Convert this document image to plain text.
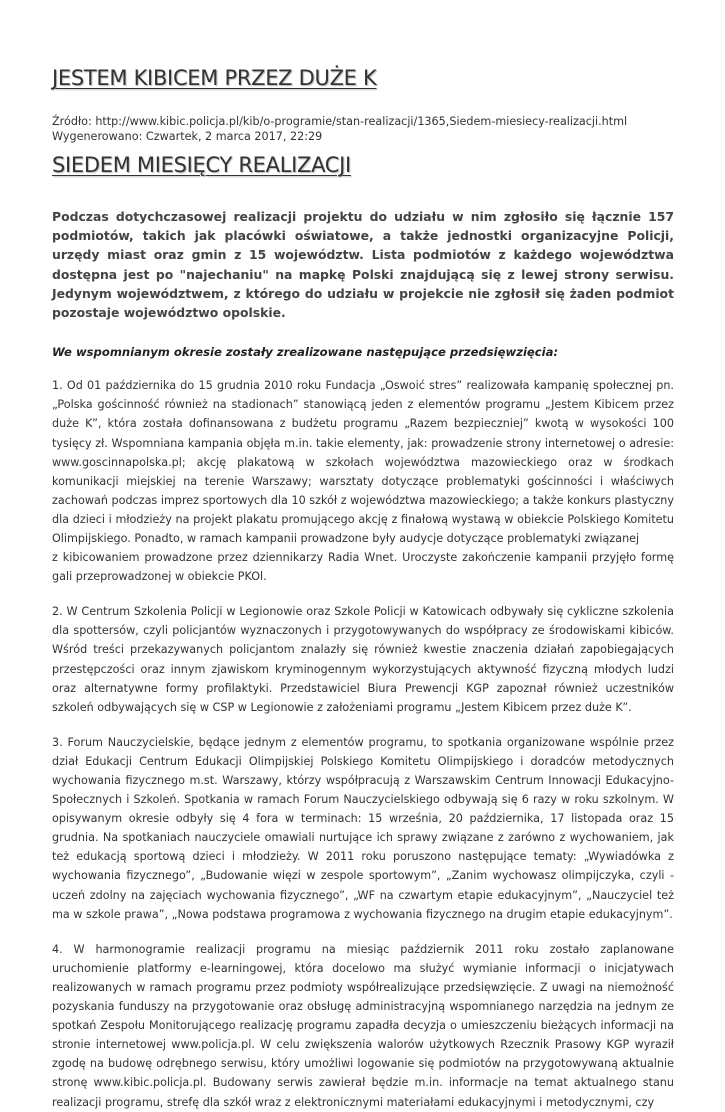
JESTEM KIBICEM PRZEZ DUŻE K
Źródło: http://www.kibic.policja.pl/kib/o-programie/stan-realizacji/1365,Siedem-miesiecy-realizacji.html
Wygenerowano: Czwartek, 2 marca 2017, 22:29
SIEDEM MIESIĘCY REALIZACJI

Podczas dotychczasowej realizacji projektu do udziału w nim zgłosiło się łącznie 157 podmiotów, takich jak placówki oświatowe, a także jednostki organizacyjne Policji, urzędy miast oraz gmin z 15 województw. Lista podmiotów z każdego województwa dostępna jest po "najechaniu" na mapkę Polski znajdującą się z lewej strony serwisu. Jedynym województwem, z którego do udziału w projekcie nie zgłosił się żaden podmiot pozostaje województwo opolskie.

We wspomnianym okresie zostały zrealizowane następujące przedsięwzięcia:

1. Od 01 października do 15 grudnia 2010 roku Fundacja „Oswoić stres” realizowała kampanię społecznej pn. „Polska gościnność również na stadionach” stanowiącą jeden z elementów programu „Jestem Kibicem przez duże K”, która została dofinansowana z budżetu programu „Razem bezpieczniej” kwotą w wysokości 100 tysięcy zł. Wspomniana kampania objęła m.in. takie elementy, jak: prowadzenie strony internetowej o adresie: www.goscinnapolska.pl; akcję plakatową w szkołach województwa mazowieckiego oraz w środkach komunikacji miejskiej na terenie Warszawy; warsztaty dotyczące problematyki gościnności i właściwych zachowań podczas imprez sportowych dla 10 szkół z województwa mazowieckiego; a także konkurs plastyczny dla dzieci i młodzieży na projekt plakatu promującego akcję z finałową wystawą w obiekcie Polskiego Komitetu Olimpijskiego. Ponadto, w ramach kampanii prowadzone były audycje dotyczące problematyki związanej
z kibicowaniem prowadzone przez dziennikarzy Radia Wnet. Uroczyste zakończenie kampanii przyjęło formę gali przeprowadzonej w obiekcie PKOl.

2. W Centrum Szkolenia Policji w Legionowie oraz Szkole Policji w Katowicach odbywały się cykliczne szkolenia dla spottersów, czyli policjantów wyznaczonych i przygotowywanych do współpracy ze środowiskami kibiców. Wśród treści przekazywanych policjantom znalazły się również kwestie znaczenia działań zapobiegających przestępczości oraz innym zjawiskom kryminogennym wykorzystujących aktywność fizyczną młodych ludzi oraz alternatywne formy profilaktyki. Przedstawiciel Biura Prewencji KGP zapoznał również uczestników szkoleń odbywających się w CSP w Legionowie z założeniami programu „Jestem Kibicem przez duże K”.

3. Forum Nauczycielskie, będące jednym z elementów programu, to spotkania organizowane wspólnie przez dział Edukacji Centrum Edukacji Olimpijskiej Polskiego Komitetu Olimpijskiego i doradców metodycznych wychowania fizycznego m.st. Warszawy, którzy współpracują z Warszawskim Centrum Innowacji Edukacyjno-Społecznych i Szkoleń. Spotkania w ramach Forum Nauczycielskiego odbywają się 6 razy w roku szkolnym. W opisywanym okresie odbyły się 4 fora w terminach: 15 września, 20 października, 17 listopada oraz 15 grudnia. Na spotkaniach nauczyciele omawiali nurtujące ich sprawy związane z zarówno z wychowaniem, jak też edukacją sportową dzieci i młodzieży. W 2011 roku poruszono następujące tematy: „Wywiadówka z wychowania fizycznego”, „Budowanie więzi w zespole sportowym”, „Zanim wychowasz olimpijczyka, czyli - uczeń zdolny na zajęciach wychowania fizycznego”, „WF na czwartym etapie edukacyjnym”, „Nauczyciel też ma w szkole prawa”, „Nowa podstawa programowa z wychowania fizycznego na drugim etapie edukacyjnym”.

4. W harmonogramie realizacji programu na miesiąc październik 2011 roku zostało zaplanowane uruchomienie platformy e-learningowej, która docelowo ma służyć wymianie informacji o inicjatywach realizowanych w ramach programu przez podmioty współrealizujące przedsięwzięcie. Z uwagi na niemożność pozyskania funduszy na przygotowanie oraz obsługę administracyjną wspomnianego narzędzia na jednym ze spotkań Zespołu Monitorującego realizację programu zapadła decyzja o umieszczeniu bieżących informacji na stronie internetowej www.policja.pl. W celu zwiększenia walorów użytkowych Rzecznik Prasowy KGP wyraził zgodę na budowę odrębnego serwisu, który umożliwi logowanie się podmiotów na przygotowywaną aktualnie stronę www.kibic.policja.pl. Budowany serwis zawierał będzie m.in. informacje na temat aktualnego stanu realizacji programu, strefę dla szkół wraz z elektronicznymi materiałami edukacyjnymi i metodycznymi, czy
